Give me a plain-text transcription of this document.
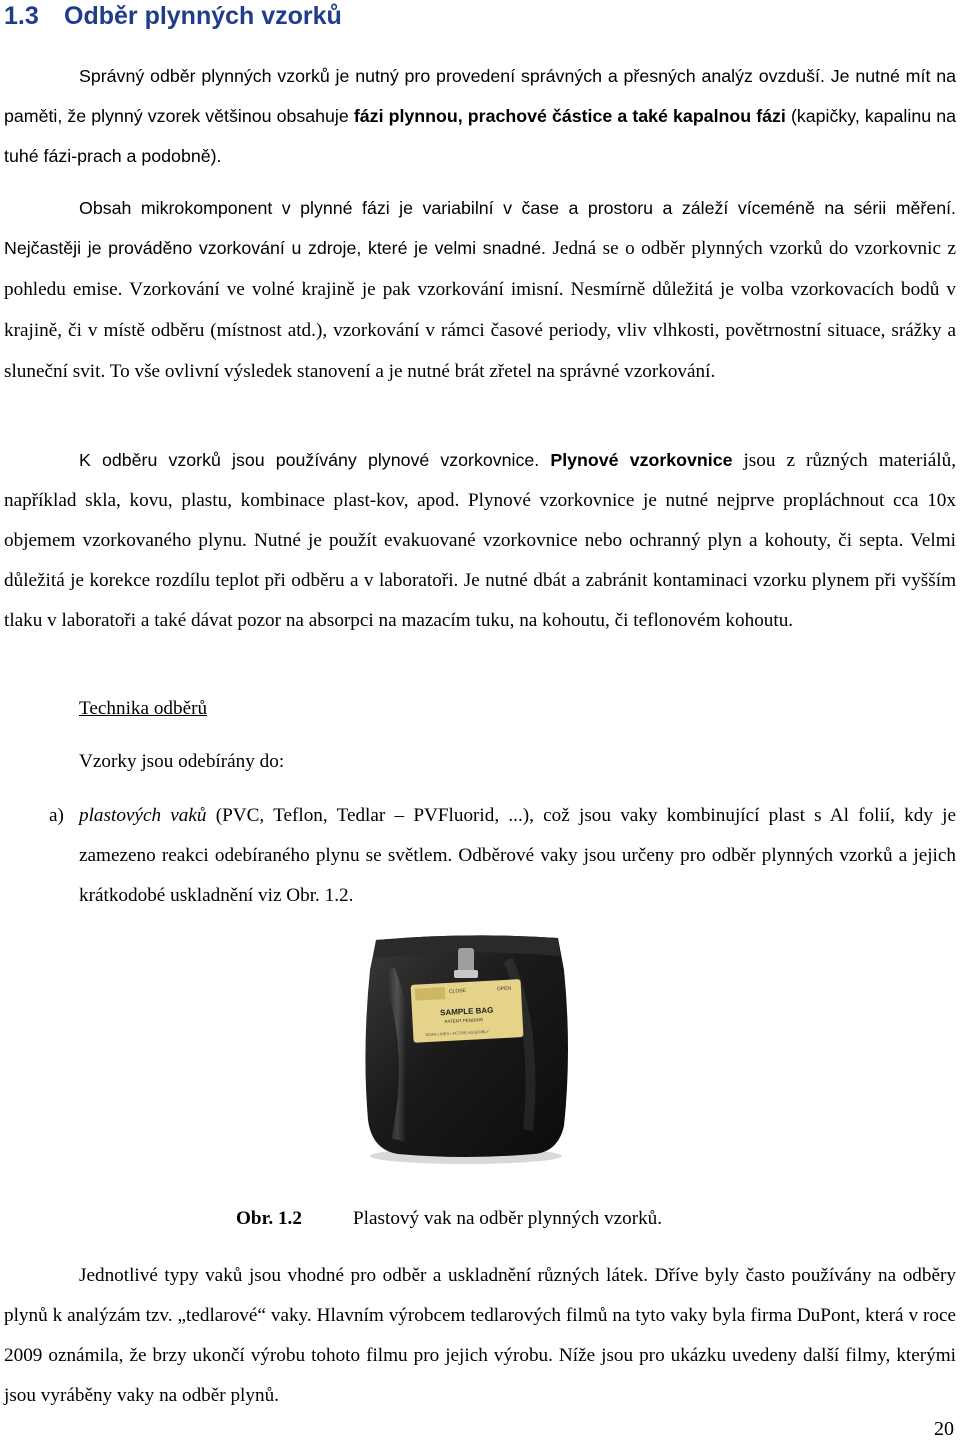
1.3 Odběr plynných vzorků
Správný odběr plynných vzorků je nutný pro provedení správných a přesných analýz ovzduší. Je nutné mít na paměti, že plynný vzorek většinou obsahuje fázi plynnou, prachové částice a také kapalnou fázi (kapičky, kapalinu na tuhé fázi-prach a podobně).
Obsah mikrokomponent v plynné fázi je variabilní v čase a prostoru a záleží víceméně na sérii měření. Nejčastěji je prováděno vzorkování u zdroje, které je velmi snadné. Jedná se o odběr plynných vzorků do vzorkovnic z pohledu emise. Vzorkování ve volné krajině je pak vzorkování imisní. Nesmírně důležitá je volba vzorkovacích bodů v krajině, či v místě odběru (místnost atd.), vzorkování v rámci časové periody, vliv vlhkosti, povětrnostní situace, srážky a sluneční svit. To vše ovlivní výsledek stanovení a je nutné brát zřetel na správné vzorkování.
K odběru vzorků jsou používány plynové vzorkovnice. Plynové vzorkovnice jsou z různých materiálů, například skla, kovu, plastu, kombinace plast-kov, apod. Plynové vzorkovnice je nutné nejprve propláchnout cca 10x objemem vzorkovaného plynu. Nutné je použít evakuované vzorkovnice nebo ochranný plyn a kohouty, či septa. Velmi důležitá je korekce rozdílu teplot při odběru a v laboratoři. Je nutné dbát a zabránit kontaminaci vzorku plynem při vyšším tlaku v laboratoři a také dávat pozor na absorpci na mazacím tuku, na kohoutu, či teflonovém kohoutu.
Technika odběrů
Vzorky jsou odebírány do:
a) plastových vaků (PVC, Teflon, Tedlar – PVFluorid, ...), což jsou vaky kombinující plast s Al folií, kdy je zamezeno reakci odebíraného plynu se světlem. Odběrové vaky jsou určeny pro odběr plynných vzorků a jejich krátkodobé uskladnění viz Obr. 1.2.
CLOSE	OPEN
SAMPLE BAG
PATENT PENDING
SCAN LINES • ACTIVE ASSEMBLY
Obr. 1.2	Plastový vak na odběr plynných vzorků.
Jednotlivé typy vaků jsou vhodné pro odběr a uskladnění různých látek. Dříve byly často používány na odběry plynů k analýzám tzv. „tedlarové“ vaky. Hlavním výrobcem tedlarových filmů na tyto vaky byla firma DuPont, která v roce 2009 oznámila, že brzy ukončí výrobu tohoto filmu pro jejich výrobu. Níže jsou pro ukázku uvedeny další filmy, kterými jsou vyráběny vaky na odběr plynů.
20
